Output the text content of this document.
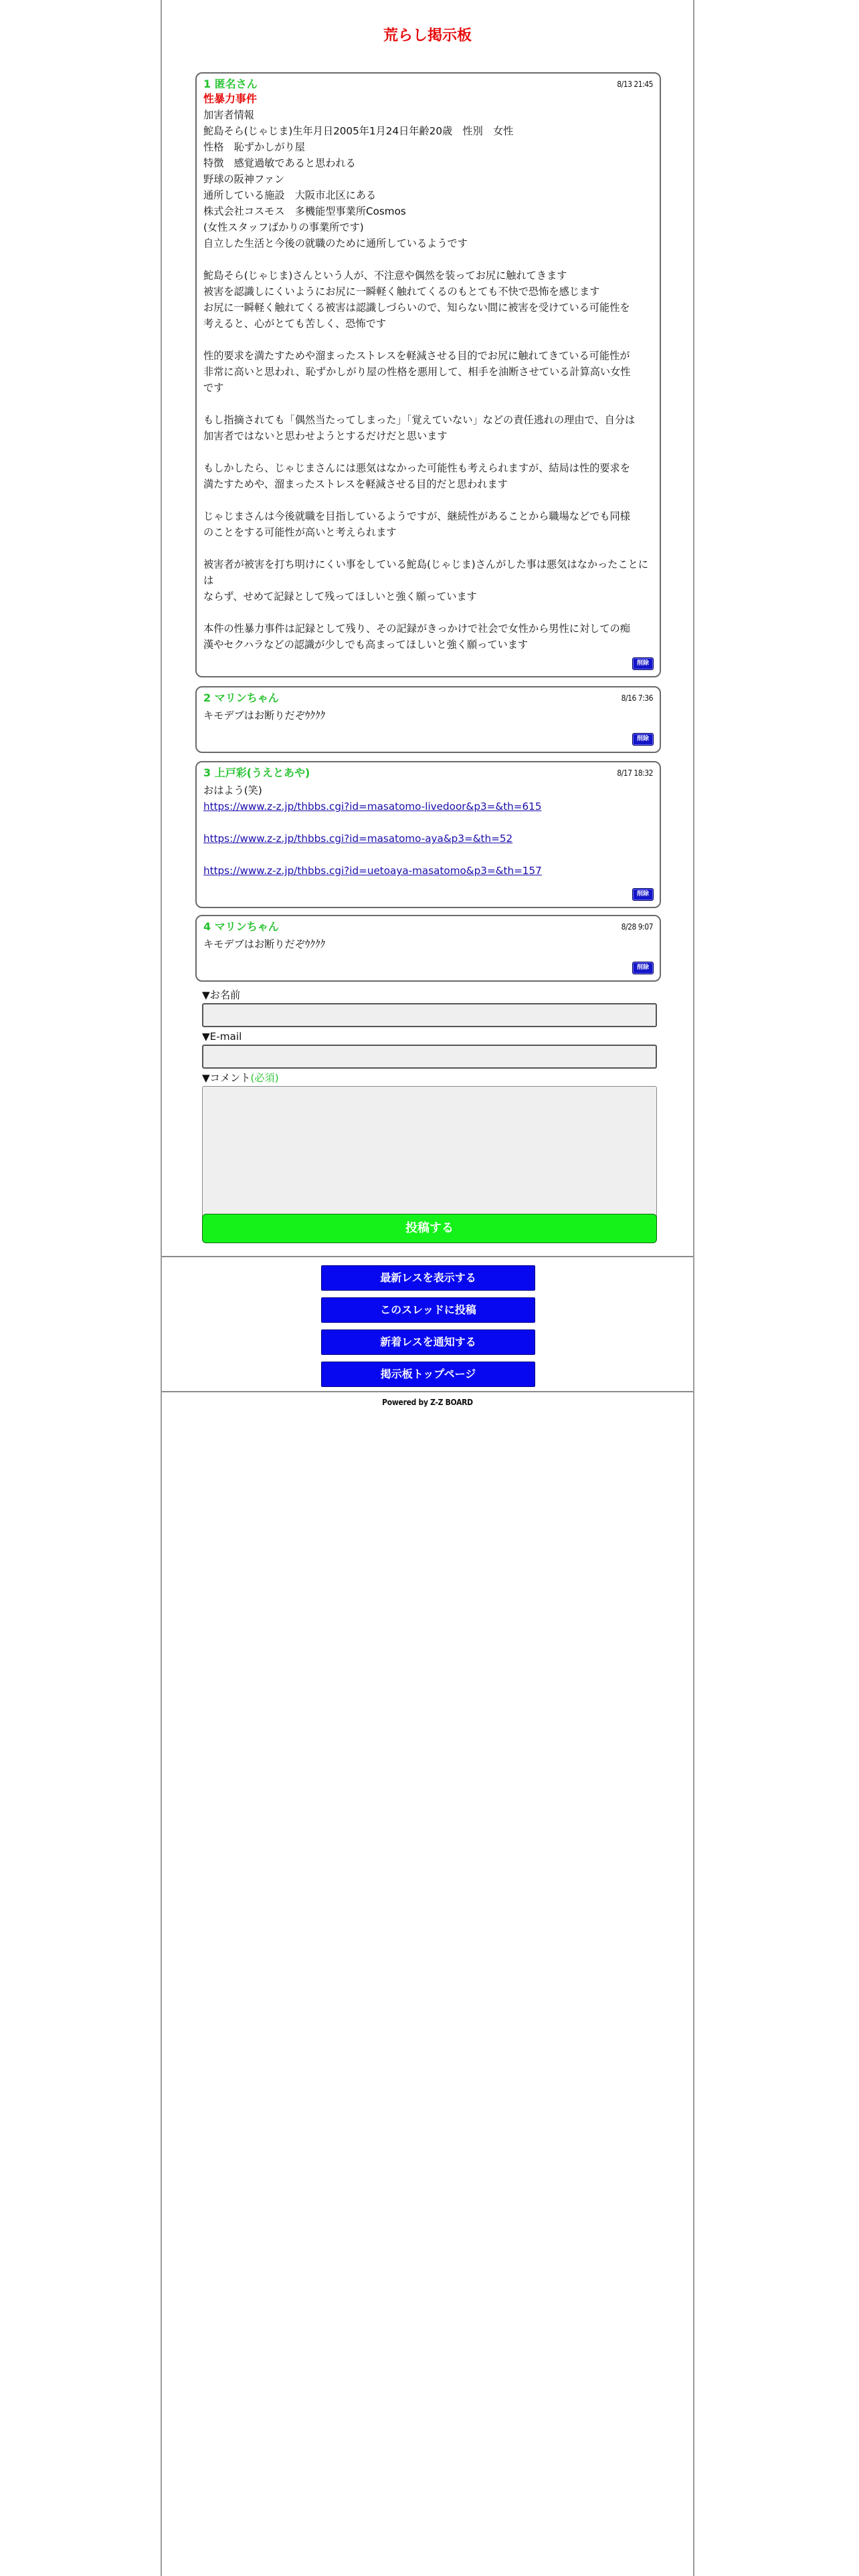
荒らし掲示板
1 匿名さん	8/13 21:45
性暴力事件
加害者情報
鮀島そら(じゃじま)生年月日2005年1月24日年齢20歳　性別　女性
性格　恥ずかしがり屋
特徴　感覚過敏であると思われる
野球の阪神ファン
通所している施設　大阪市北区にある
株式会社コスモス　多機能型事業所Cosmos
(女性スタッフばかりの事業所です)
自立した生活と今後の就職のために通所しているようです
鮀島そら(じゃじま)さんという人が、不注意や偶然を装ってお尻に触れてきます
被害を認識しにくいようにお尻に一瞬軽く触れてくるのもとても不快で恐怖を感じます
お尻に一瞬軽く触れてくる被害は認識しづらいので、知らない間に被害を受けている可能性を
考えると、心がとても苦しく、恐怖です
性的要求を満たすためや溜まったストレスを軽減させる目的でお尻に触れてきている可能性が
非常に高いと思われ、恥ずかしがり屋の性格を悪用して、相手を油断させている計算高い女性
です
もし指摘されても「偶然当たってしまった」「覚えていない」などの責任逃れの理由で、自分は
加害者ではないと思わせようとするだけだと思います
もしかしたら、じゃじまさんには悪気はなかった可能性も考えられますが、結局は性的要求を
満たすためや、溜まったストレスを軽減させる目的だと思われます
じゃじまさんは今後就職を目指しているようですが、継続性があることから職場などでも同様
のことをする可能性が高いと考えられます
被害者が被害を打ち明けにくい事をしている鮀島(じゃじま)さんがした事は悪気はなかったことには
ならず、せめて記録として残ってほしいと強く願っています
本件の性暴力事件は記録として残り、その記録がきっかけで社会で女性から男性に対しての痴
漢やセクハラなどの認識が少しでも高まってほしいと強く願っています
削除
2 マリンちゃん	8/16 7:36
キモデブはお断りだぞｳｸｸｸ
削除
3 上戸彩(うえとあや)	8/17 18:32
おはよう(笑)
https://www.z-z.jp/thbbs.cgi?id=masatomo-livedoor&p3=&th=615
https://www.z-z.jp/thbbs.cgi?id=masatomo-aya&p3=&th=52
https://www.z-z.jp/thbbs.cgi?id=uetoaya-masatomo&p3=&th=157
削除
4 マリンちゃん	8/28 9:07
キモデブはお断りだぞｳｸｸｸ
削除
▼お名前
▼E-mail
▼コメント(必須)
投稿する
最新レスを表示する
このスレッドに投稿
新着レスを通知する
掲示板トップページ
Powered by Z-Z BOARD
